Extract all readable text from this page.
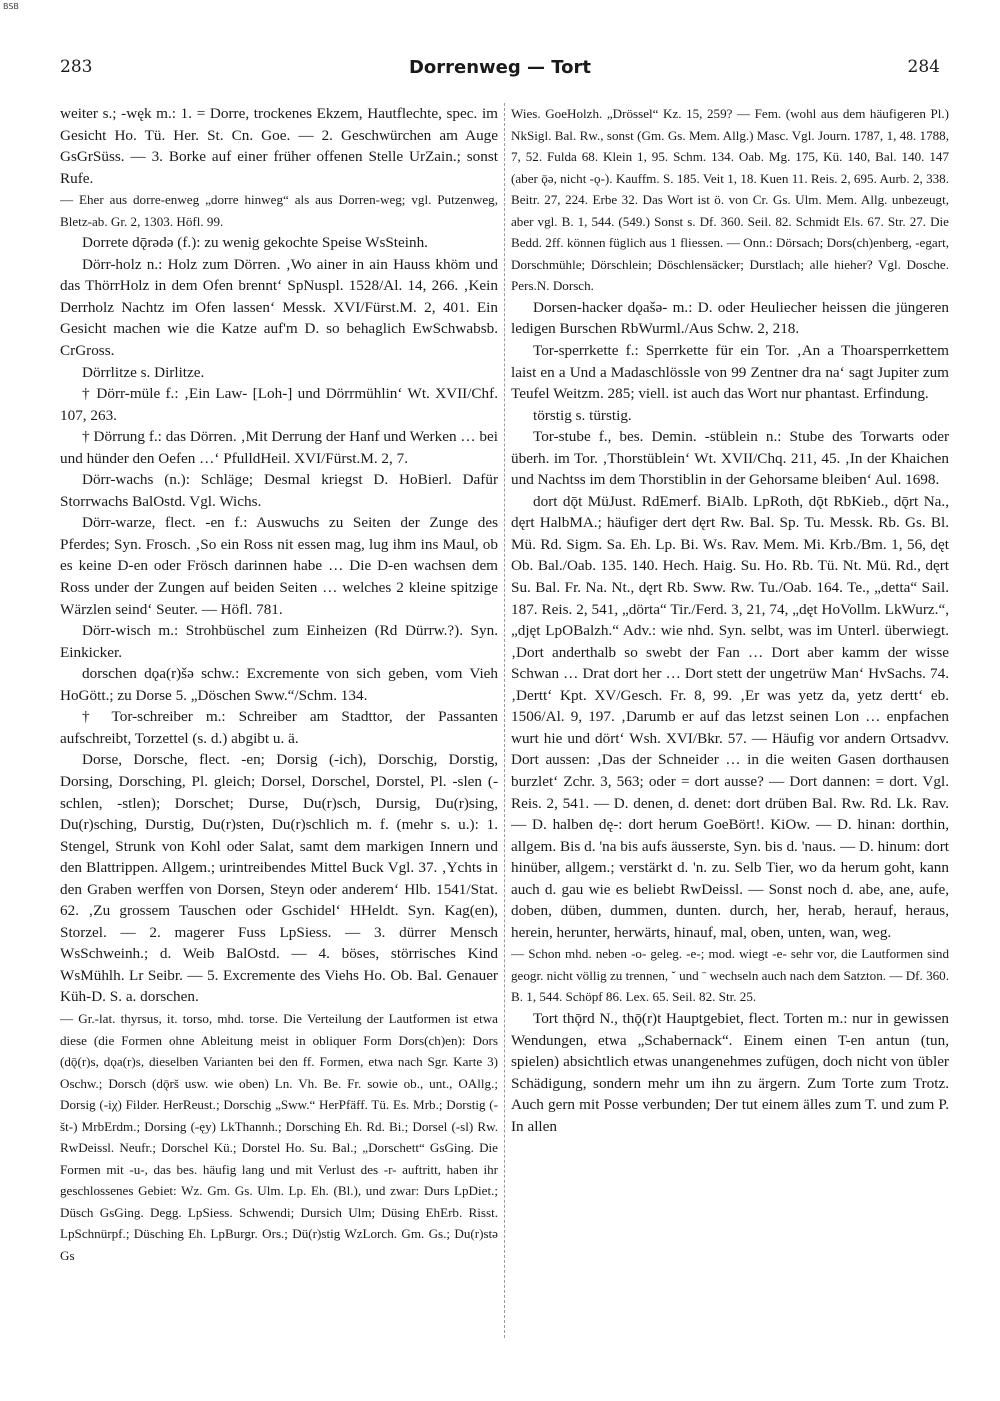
BSB
283	Dorrenweg — Tort	284

weiter s.; -węk m.: 1. = Dorre, trockenes Ekzem, Hautflechte, spec. im Gesicht Ho. Tü. Her. St. Cn. Goe. — 2. Geschwürchen am Auge GsGrSüss. — 3. Borke auf einer früher offenen Stelle UrZain.; sonst Rufe.

— Eher aus dorre-enweg „dorre hinweg“ als aus Dorren-weg; vgl. Putzenweg, Bletz-ab. Gr. 2, 1303. Höfl. 99.

Dorrete dǭrədə (f.): zu wenig gekochte Speise WsSteinh.

Dörr-holz n.: Holz zum Dörren. ‚Wo ainer in ain Hauss khöm und das ThörrHolz in dem Ofen brennt‘ SpNuspl. 1528/Al. 14, 266. ‚Kein Derrholz Nachtz im Ofen lassen‘ Messk. XVI/Fürst.M. 2, 401. Ein Gesicht machen wie die Katze auf'm D. so behaglich EwSchwabsb. CrGross.

Dörrlitze s. Dirlitze.

† Dörr-müle f.: ‚Ein Law- [Loh-] und Dörrmühlin‘ Wt. XVII/Chf. 107, 263.

† Dörrung f.: das Dörren. ‚Mit Derrung der Hanf und Werken … bei und hünder den Oefen …‘ PfulldHeil. XVI/Fürst.M. 2, 7.

Dörr-wachs (n.): Schläge; Desmal kriegst D. HoBierl. Dafür Storrwachs BalOstd. Vgl. Wichs.

Dörr-warze, flect. -en f.: Auswuchs zu Seiten der Zunge des Pferdes; Syn. Frosch. ‚So ein Ross nit essen mag, lug ihm ins Maul, ob es keine D-en oder Frösch darinnen habe … Die D-en wachsen dem Ross under der Zungen auf beiden Seiten … welches 2 kleine spitzige Wärzlen seind‘ Seuter. — Höfl. 781.

Dörr-wisch m.: Strohbüschel zum Einheizen (Rd Dürrw.?). Syn. Einkicker.

dorschen dǫa(r)šə schw.: Excremente von sich geben, vom Vieh HoGött.; zu Dorse 5. „Döschen Sww.“/Schm. 134.

† Tor-schreiber m.: Schreiber am Stadttor, der Passanten aufschreibt, Torzettel (s. d.) abgibt u. ä.

Dorse, Dorsche, flect. -en; Dorsig (-ich), Dorschig, Dorstig, Dorsing, Dorsching, Pl. gleich; Dorsel, Dorschel, Dorstel, Pl. -slen (-schlen, -stlen); Dorschet; Durse, Du(r)sch, Dursig, Du(r)sing, Du(r)sching, Durstig, Du(r)sten, Du(r)schlich m. f. (mehr s. u.): 1. Stengel, Strunk von Kohl oder Salat, samt dem markigen Innern und den Blattrippen. Allgem.; urintreibendes Mittel Buck Vgl. 37. ‚Ychts in den Graben werffen von Dorsen, Steyn oder anderem‘ Hlb. 1541/Stat. 62. ‚Zu grossem Tauschen oder Gschidel‘ HHeldt. Syn. Kag(en), Storzel. — 2. magerer Fuss LpSiess. — 3. dürrer Mensch WsSchweinh.; d. Weib BalOstd. — 4. böses, störrisches Kind WsMühlh. Lr Seibr. — 5. Excremente des Viehs Ho. Ob. Bal. Genauer Küh-D. S. a. dorschen.

— Gr.-lat. thyrsus, it. torso, mhd. torse. Die Verteilung der Lautformen ist etwa diese (die Formen ohne Ableitung meist in obliquer Form Dors(ch)en): Dors (dǭ(r)s, dǫa(r)s, dieselben Varianten bei den ff. Formen, etwa nach Sgr. Karte 3) Oschw.; Dorsch (dǭrš usw. wie oben) Ln. Vh. Be. Fr. sowie ob., unt., OAllg.; Dorsig (-iχ) Filder. HerReust.; Dorschig „Sww.“ HerPfäff. Tü. Es. Mrb.; Dorstig (-št-) MrbErdm.; Dorsing (-ęy) LkThannh.; Dorsching Eh. Rd. Bi.; Dorsel (-sl) Rw. RwDeissl. Neufr.; Dorschel Kü.; Dorstel Ho. Su. Bal.; „Dorschett“ GsGing. Die Formen mit -u-, das bes. häufig lang und mit Verlust des -r- auftritt, haben ihr geschlossenes Gebiet: Wz. Gm. Gs. Ulm. Lp. Eh. (Bl.), und zwar: Durs LpDiet.; Düsch GsGing. Degg. LpSiess. Schwendi; Dursich Ulm; Düsing EhErb. Risst. LpSchnürpf.; Düsching Eh. LpBurgr. Ors.; Dü(r)stig WzLorch. Gm. Gs.; Du(r)stə Gs

Wies. GoeHolzh. „Drössel“ Kz. 15, 259? — Fem. (wohl aus dem häufigeren Pl.) NkSigl. Bal. Rw., sonst (Gm. Gs. Mem. Allg.) Masc. Vgl. Journ. 1787, 1, 48. 1788, 7, 52. Fulda 68. Klein 1, 95. Schm. 134. Oab. Mg. 175, Kü. 140, Bal. 140. 147 (aber ǭə, nicht -ǫ-). Kauffm. S. 185. Veit 1, 18. Kuen 11. Reis. 2, 695. Aurb. 2, 338. Beitr. 27, 224. Erbe 32. Das Wort ist ö. von Cr. Gs. Ulm. Mem. Allg. unbezeugt, aber vgl. B. 1, 544. (549.) Sonst s. Df. 360. Seil. 82. Schmidt Els. 67. Str. 27. Die Bedd. 2ff. können füglich aus 1 fliessen. — Onn.: Dörsach; Dors(ch)enberg, -egart, Dorschmühle; Dörschlein; Döschlensäcker; Durstlach; alle hieher? Vgl. Dosche. Pers.N. Dorsch.

Dorsen-hacker dǫašə- m.: D. oder Heuliecher heissen die jüngeren ledigen Burschen RbWurml./Aus Schw. 2, 218.

Tor-sperrkette f.: Sperrkette für ein Tor. ‚An a Thoarsperrkettem laist en a Und a Madaschlössle von 99 Zentner dra na‘ sagt Jupiter zum Teufel Weitzm. 285; viell. ist auch das Wort nur phantast. Erfindung.

törstig s. türstig.

Tor-stube f., bes. Demin. -stüblein n.: Stube des Torwarts oder überh. im Tor. ‚Thorstüblein‘ Wt. XVII/Chq. 211, 45. ‚In der Khaichen und Nachtss im dem Thorstiblin in der Gehorsame bleiben‘ Aul. 1698.

dort dǭt MüJust. RdEmerf. BiAlb. LpRoth, dǭt RbKieb., dǭrt Na., dęrt HalbMA.; häufiger dert dęrt Rw. Bal. Sp. Tu. Messk. Rb. Gs. Bl. Mü. Rd. Sigm. Sa. Eh. Lp. Bi. Ws. Rav. Mem. Mi. Krb./Bm. 1, 56, dęt Ob. Bal./Oab. 135. 140. Hech. Haig. Su. Ho. Rb. Tü. Nt. Mü. Rd., dęrt Su. Bal. Fr. Na. Nt., dęrt Rb. Sww. Rw. Tu./Oab. 164. Te., „detta“ Sail. 187. Reis. 2, 541, „dörta“ Tir./Ferd. 3, 21, 74, „dęt HoVollm. LkWurz.“, „djęt LpOBalzh.“ Adv.: wie nhd. Syn. selbt, was im Unterl. überwiegt. ‚Dort anderthalb so swebt der Fan … Dort aber kamm der wisse Schwan … Drat dort her … Dort stett der ungetrüw Man‘ HvSachs. 74. ‚Dertt‘ Kpt. XV/Gesch. Fr. 8, 99. ‚Er was yetz da, yetz dertt‘ eb. 1506/Al. 9, 197. ‚Darumb er auf das letzst seinen Lon … enpfachen wurt hie und dört‘ Wsh. XVI/Bkr. 57. — Häufig vor andern Ortsadvv. Dort aussen: ‚Das der Schneider … in die weiten Gasen dorthausen burzlet‘ Zchr. 3, 563; oder = dort ausse? — Dort dannen: = dort. Vgl. Reis. 2, 541. — D. denen, d. denet: dort drüben Bal. Rw. Rd. Lk. Rav. — D. halben dę-: dort herum GoeBört!. KiOw. — D. hinan: dorthin, allgem. Bis d. 'na bis aufs äusserste, Syn. bis d. 'naus. — D. hinum: dort hinüber, allgem.; verstärkt d. 'n. zu. Selb Tier, wo da herum goht, kann auch d. gau wie es beliebt RwDeissl. — Sonst noch d. abe, ane, aufe, doben, düben, dummen, dunten. durch, her, herab, herauf, heraus, herein, herunter, herwärts, hinauf, mal, oben, unten, wan, weg.

— Schon mhd. neben -o- geleg. -e-; mod. wiegt -e- sehr vor, die Lautformen sind geogr. nicht völlig zu trennen, ˘ und ˉ wechseln auch nach dem Satzton. — Df. 360. B. 1, 544. Schöpf 86. Lex. 65. Seil. 82. Str. 25.

Tort thǭrd N., thǭ(r)t Hauptgebiet, flect. Torten m.: nur in gewissen Wendungen, etwa „Schabernack“. Einem einen T-en antun (tun, spielen) absichtlich etwas unangenehmes zufügen, doch nicht von übler Schädigung, sondern mehr um ihn zu ärgern. Zum Torte zum Trotz. Auch gern mit Posse verbunden; Der tut einem älles zum T. und zum P. In allen
